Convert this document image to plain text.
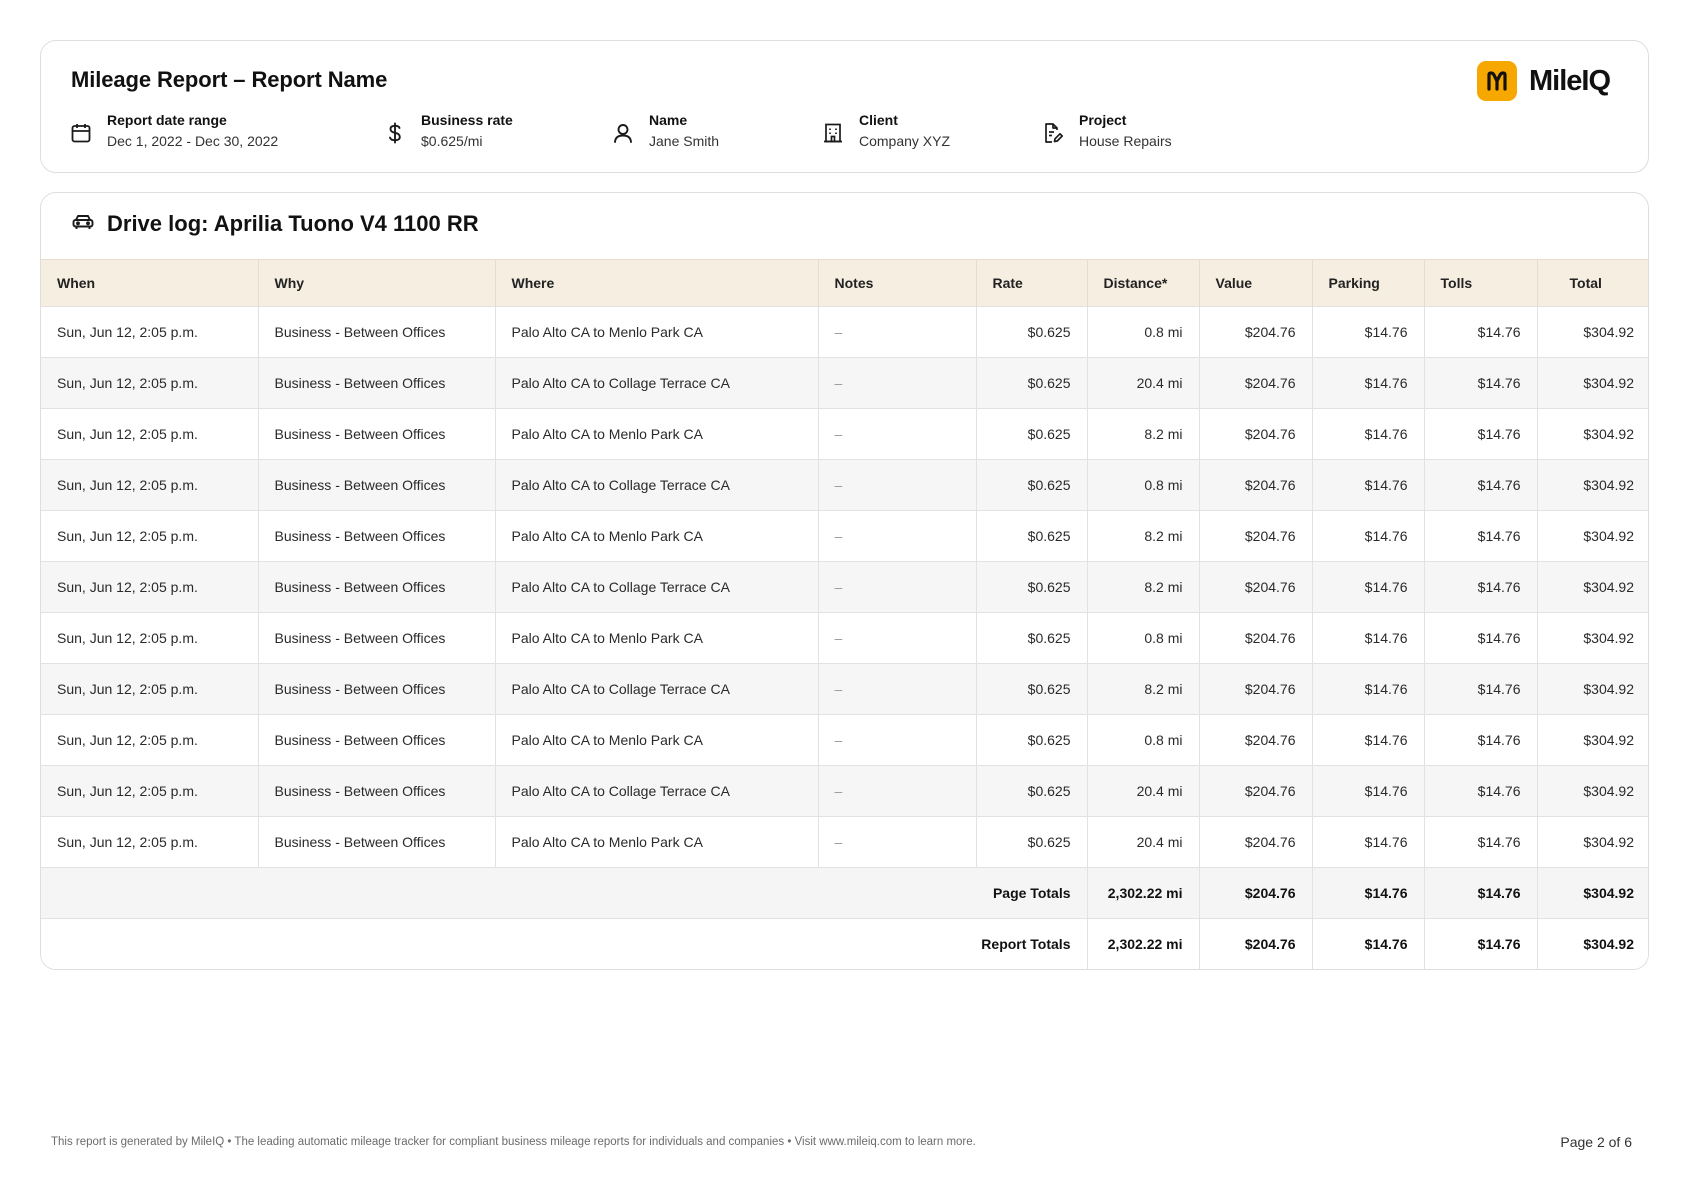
Mileage Report – Report Name	MileIQ
Report date range
Dec 1, 2022 - Dec 30, 2022
Business rate
$0.625/mi
Name
Jane Smith
Client
Company XYZ
Project
House Repairs
Drive log: Aprilia Tuono V4 1100 RR
When	Why	Where	Notes	Rate	Distance*	Value	Parking	Tolls	Total
Sun, Jun 12, 2:05 p.m.	Business - Between Offices	Palo Alto CA to Menlo Park CA	–	$0.625	0.8 mi	$204.76	$14.76	$14.76	$304.92
Sun, Jun 12, 2:05 p.m.	Business - Between Offices	Palo Alto CA to Collage Terrace CA	–	$0.625	20.4 mi	$204.76	$14.76	$14.76	$304.92
Sun, Jun 12, 2:05 p.m.	Business - Between Offices	Palo Alto CA to Menlo Park CA	–	$0.625	8.2 mi	$204.76	$14.76	$14.76	$304.92
Sun, Jun 12, 2:05 p.m.	Business - Between Offices	Palo Alto CA to Collage Terrace CA	–	$0.625	0.8 mi	$204.76	$14.76	$14.76	$304.92
Sun, Jun 12, 2:05 p.m.	Business - Between Offices	Palo Alto CA to Menlo Park CA	–	$0.625	8.2 mi	$204.76	$14.76	$14.76	$304.92
Sun, Jun 12, 2:05 p.m.	Business - Between Offices	Palo Alto CA to Collage Terrace CA	–	$0.625	8.2 mi	$204.76	$14.76	$14.76	$304.92
Sun, Jun 12, 2:05 p.m.	Business - Between Offices	Palo Alto CA to Menlo Park CA	–	$0.625	0.8 mi	$204.76	$14.76	$14.76	$304.92
Sun, Jun 12, 2:05 p.m.	Business - Between Offices	Palo Alto CA to Collage Terrace CA	–	$0.625	8.2 mi	$204.76	$14.76	$14.76	$304.92
Sun, Jun 12, 2:05 p.m.	Business - Between Offices	Palo Alto CA to Menlo Park CA	–	$0.625	0.8 mi	$204.76	$14.76	$14.76	$304.92
Sun, Jun 12, 2:05 p.m.	Business - Between Offices	Palo Alto CA to Collage Terrace CA	–	$0.625	20.4 mi	$204.76	$14.76	$14.76	$304.92
Sun, Jun 12, 2:05 p.m.	Business - Between Offices	Palo Alto CA to Menlo Park CA	–	$0.625	20.4 mi	$204.76	$14.76	$14.76	$304.92
Page Totals					2,302.22 mi	$204.76	$14.76	$14.76	$304.92
Report Totals					2,302.22 mi	$204.76	$14.76	$14.76	$304.92
This report is generated by MileIQ • The leading automatic mileage tracker for compliant business mileage reports for individuals and companies • Visit www.mileiq.com to learn more.	Page 2 of 6
